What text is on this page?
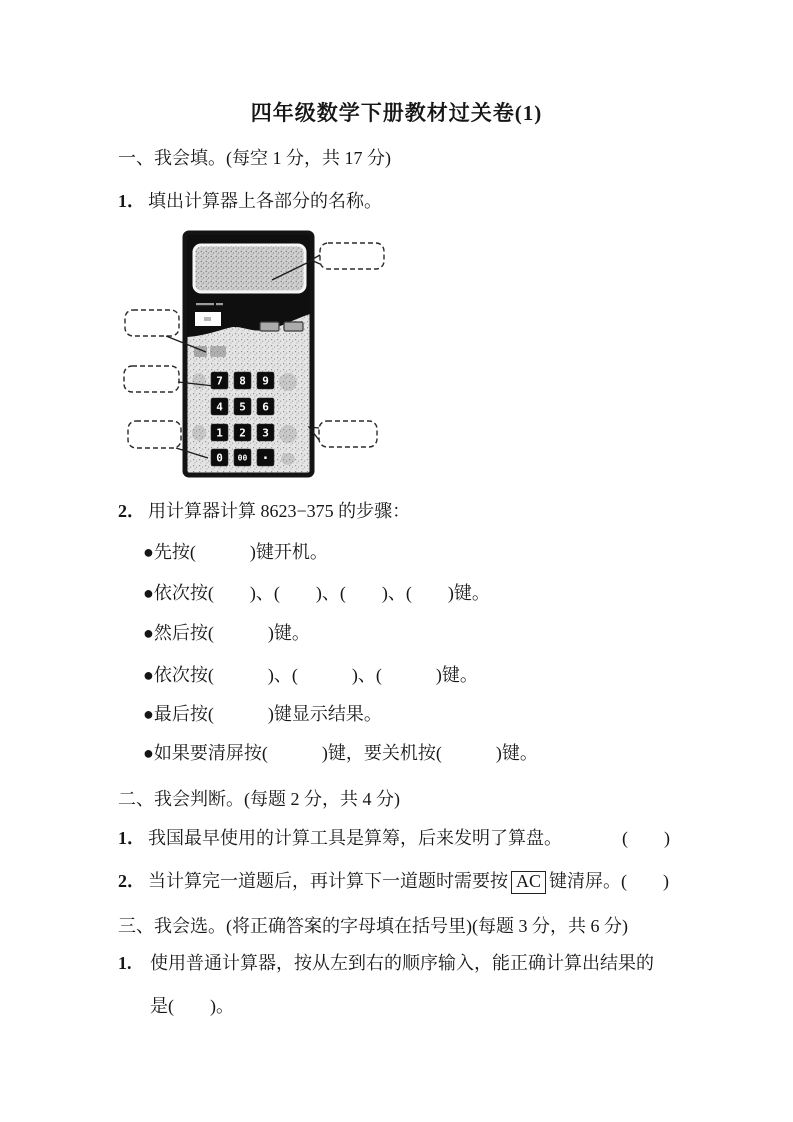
四年级数学下册教材过关卷(1)
一、我会填。(每空 1 分，共 17 分)
1． 填出计算器上各部分的名称。
7 8 9
4 5 6
1 2 3
0 00 ·
2． 用计算器计算 8623−375 的步骤：
●先按(　　　)键开机。
●依次按(　　)、(　　)、(　　)、(　　)键。
●然后按(　　　)键。
●依次按(　　　)、(　　　)、(　　　)键。
●最后按(　　　)键显示结果。
●如果要清屏按(　　　)键，要关机按(　　　)键。
二、我会判断。(每题 2 分，共 4 分)
1． 我国最早使用的计算工具是算筹，后来发明了算盘。	(　　)
2． 当计算完一道题后，再计算下一道题时需要按 AC 键清屏。(　　)
三、我会选。(将正确答案的字母填在括号里)(每题 3 分，共 6 分)
1. 使用普通计算器，按从左到右的顺序输入，能正确计算出结果的
是(　　)。
